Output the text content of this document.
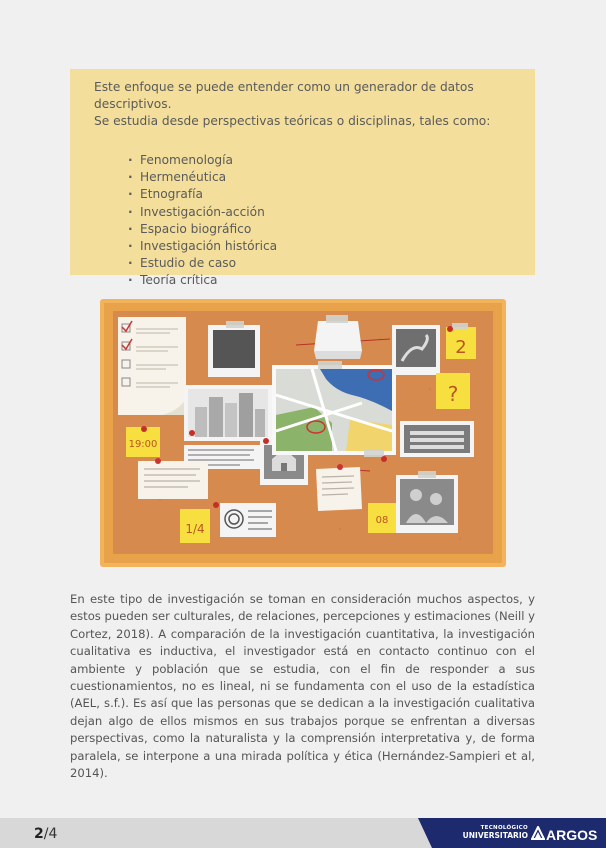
Este enfoque se puede entender como un generador de datos descriptivos.

Se estudia desde perspectivas teóricas o disciplinas, tales como:

· Fenomenología
· Hermenéutica
· Etnografía
· Investigación-acción
· Espacio biográfico
· Investigación histórica
· Estudio de caso
· Teoría crítica
2
?
19:00
1/4
08

En este tipo de investigación se toman en consideración muchos aspectos, y estos pueden ser culturales, de relaciones, percepciones y estimaciones (Neill y Cortez, 2018). A comparación de la investigación cuantitativa, la investigación cualitativa es inductiva, el investigador está en contacto continuo con el ambiente y población que se estudia, con el fin de responder a sus cuestionamientos, no es lineal, ni se fundamenta con el uso de la estadística (AEL, s.f.). Es así que las personas que se dedican a la investigación cualitativa dejan algo de ellos mismos en sus trabajos porque se enfrentan a diversas perspectivas, como la naturalista y la comprensión interpretativa y, de forma paralela, se interpone a una mirada política y ética (Hernández-Sampieri et al, 2014).

2/4	TECNOLÓGICO
UNIVERSITARIO ARGOS
